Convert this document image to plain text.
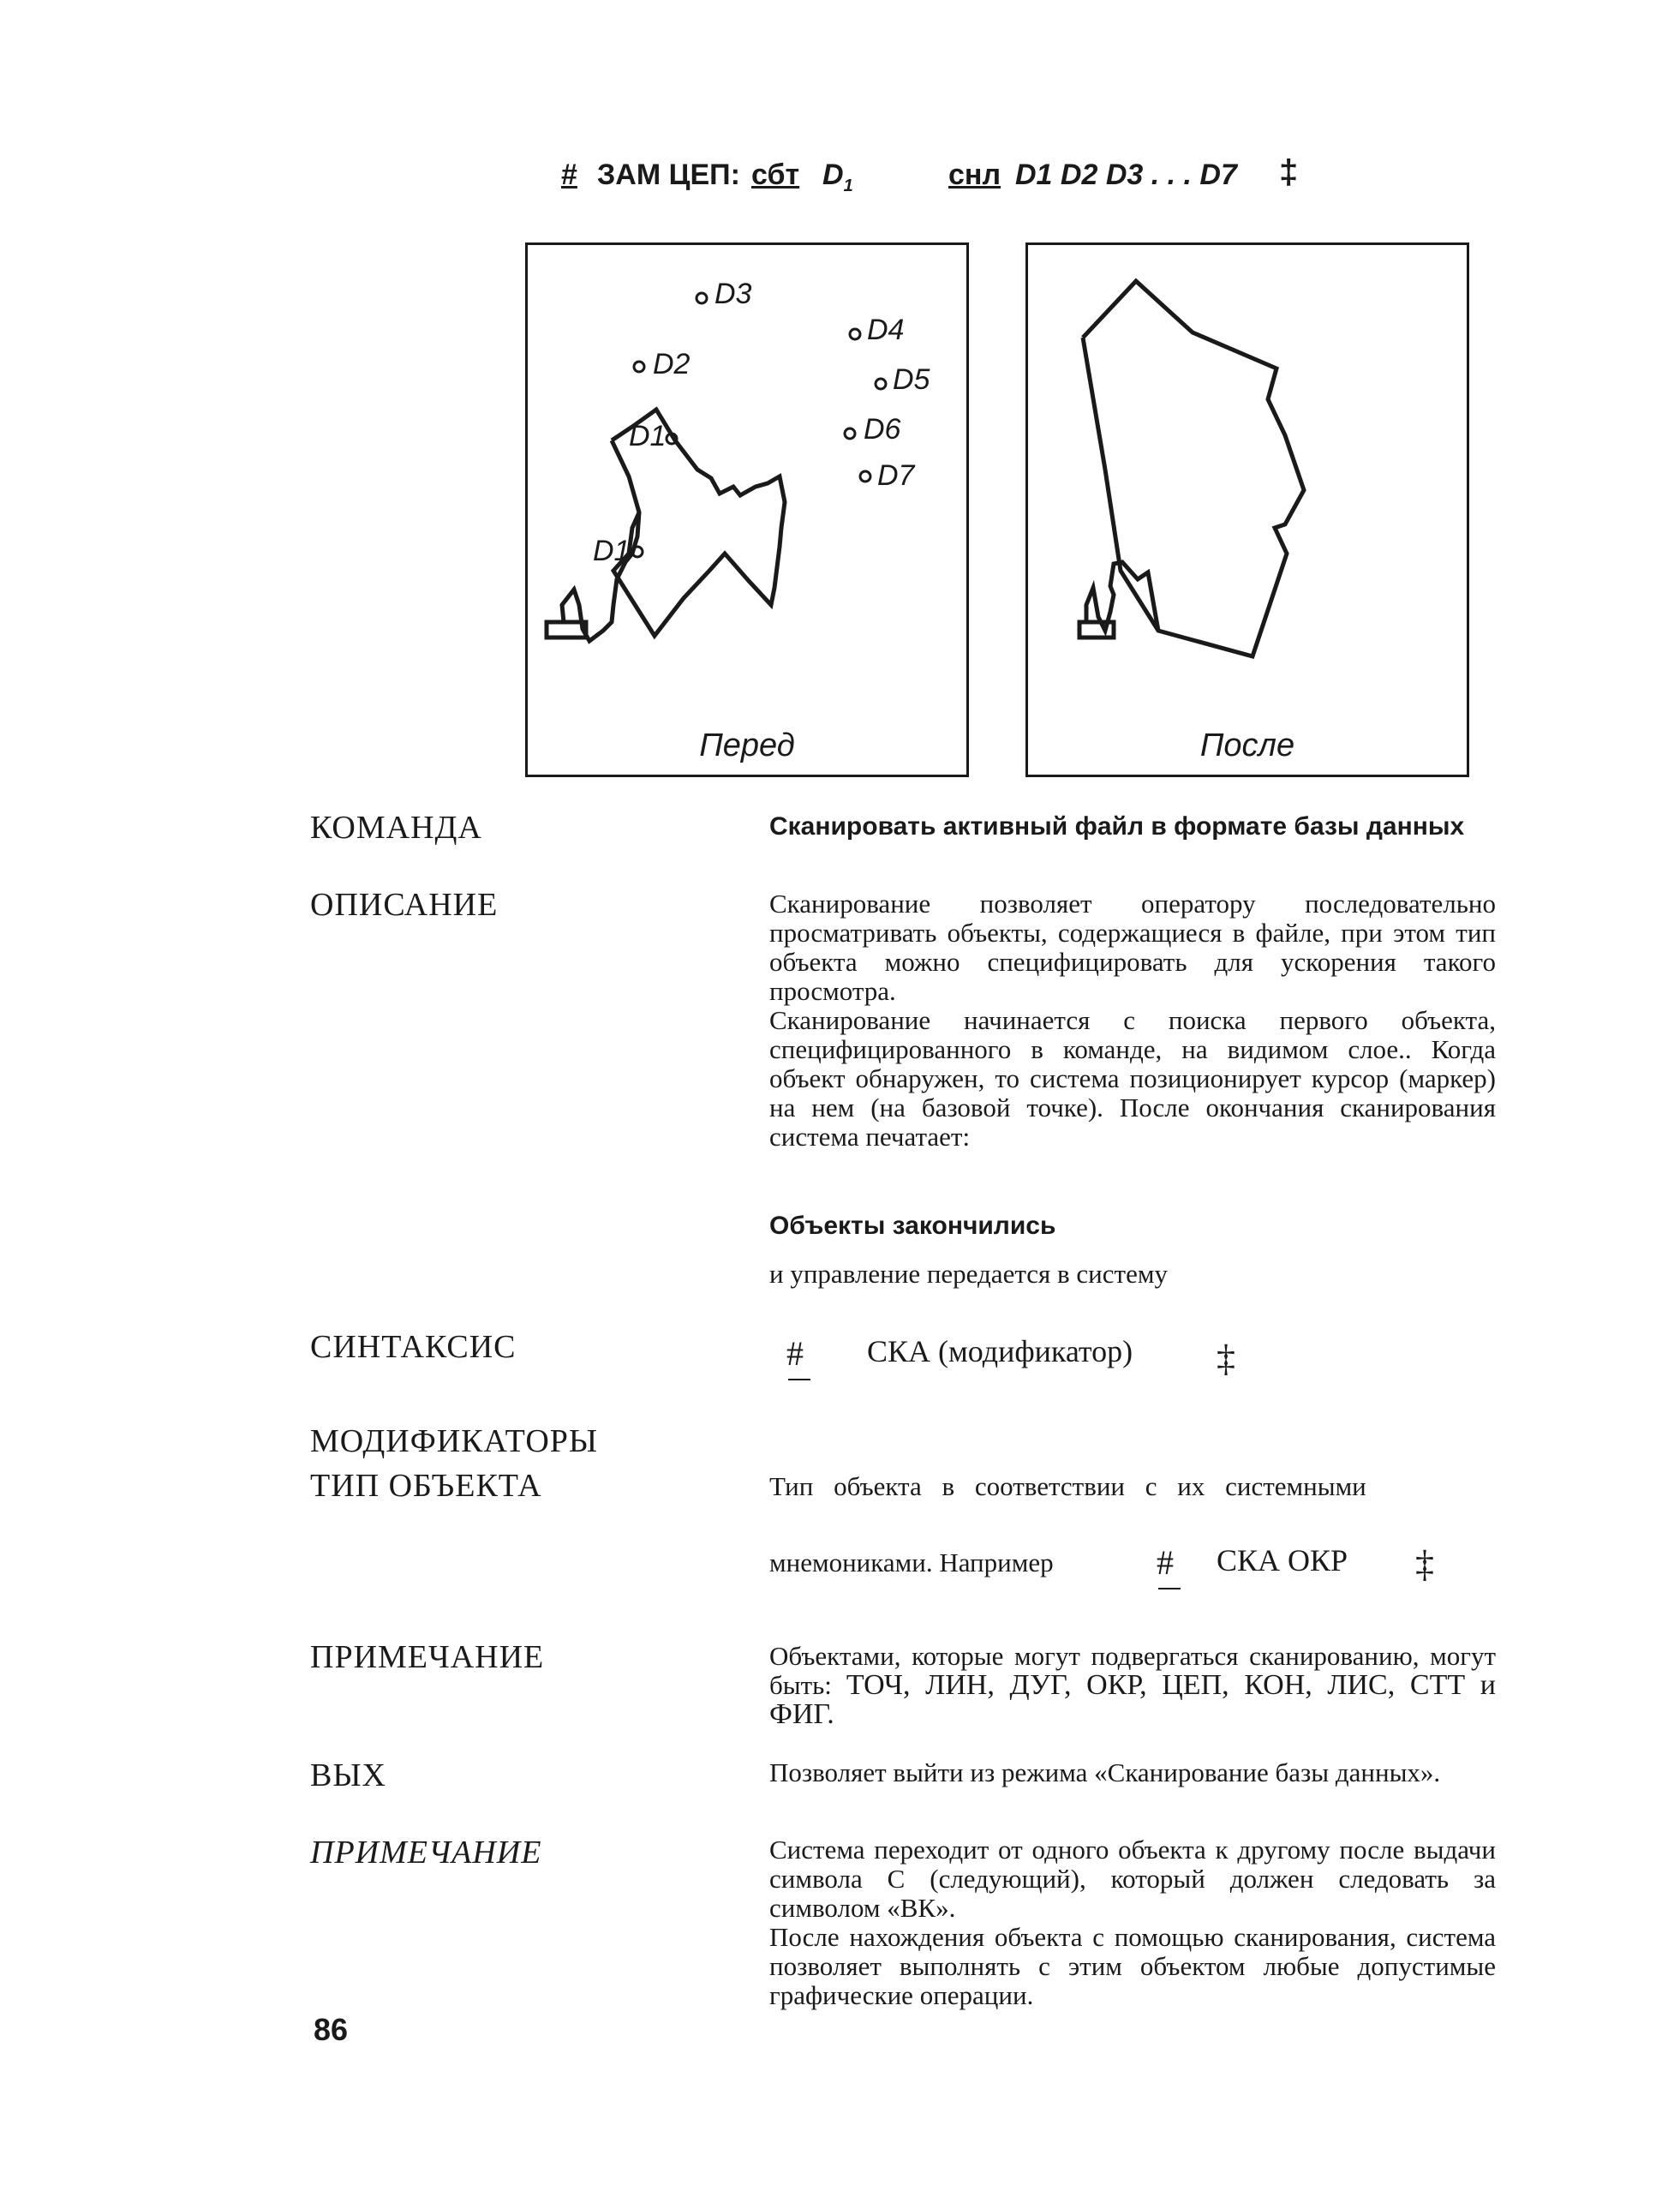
# ЗАМ ЦЕП: сбт $D_1$	снл D1 D2 D3 . . . D7 ‡
D3
D4
D2	D5
D1	D6
D7
D1
Перед	После
КОМАНДА	Сканировать активный файл в формате базы данных
ОПИСАНИЕ	Сканирование позволяет оператору последовательно просматривать объекты, содержащиеся в файле, при этом тип объекта можно специфицировать для ускорения такого просмотра.

Сканирование начинается с поиска первого объекта, специфицированного в команде, на видимом слое.. Когда объект обнаружен, то система позиционирует курсор (маркер) на нем (на базовой точке). После окончания сканирования система печатает:

Объекты закончились
и управление передается в систему
СИНТАКСИС	# СКА (модификатор) ‡
МОДИФИКАТОРЫ
ТИП ОБЪЕКТА	Тип объекта в соответствии с их системными
мнемониками. Например	# СКА ОКР ‡
ПРИМЕЧАНИЕ	Объектами, которые могут подвергаться сканированию, могут быть: ТОЧ, ЛИН, ДУГ, ОКР, ЦЕП, КОН, ЛИС, СТТ и ФИГ.
ВЫХ	Позволяет выйти из режима «Сканирование базы данных».
ПРИМЕЧАНИЕ	Система переходит от одного объекта к другому после выдачи символа С (следующий), который должен следовать за символом «ВК».

После нахождения объекта с помощью сканирования, система позволяет выполнять с этим объектом любые допустимые графические операции.

86
